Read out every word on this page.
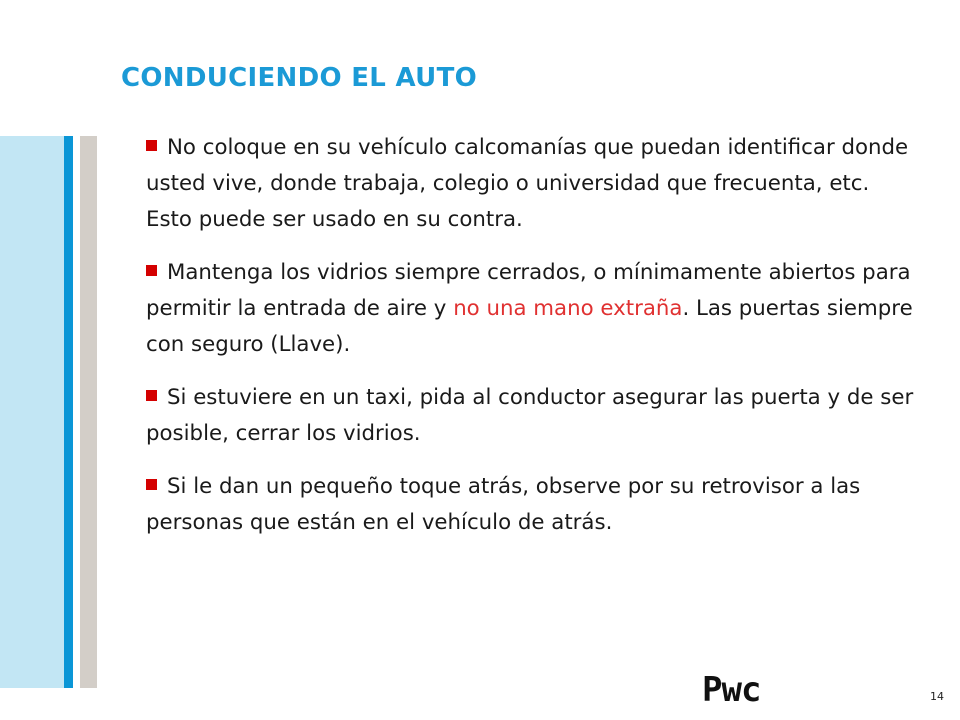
CONDUCIENDO EL AUTO

No coloque en su vehículo calcomanías que puedan identificar donde usted vive, donde trabaja, colegio o universidad que frecuenta, etc. Esto puede ser usado en su contra.

Mantenga los vidrios siempre cerrados, o mínimamente abiertos para permitir la entrada de aire y no una mano extraña. Las puertas siempre con seguro (Llave).

Si estuviere en un taxi, pida al conductor asegurar las puerta y de ser posible, cerrar los vidrios.

Si le dan un pequeño toque atrás, observe por su retrovisor a las personas que están en el vehículo de atrás.

Pwc	14
